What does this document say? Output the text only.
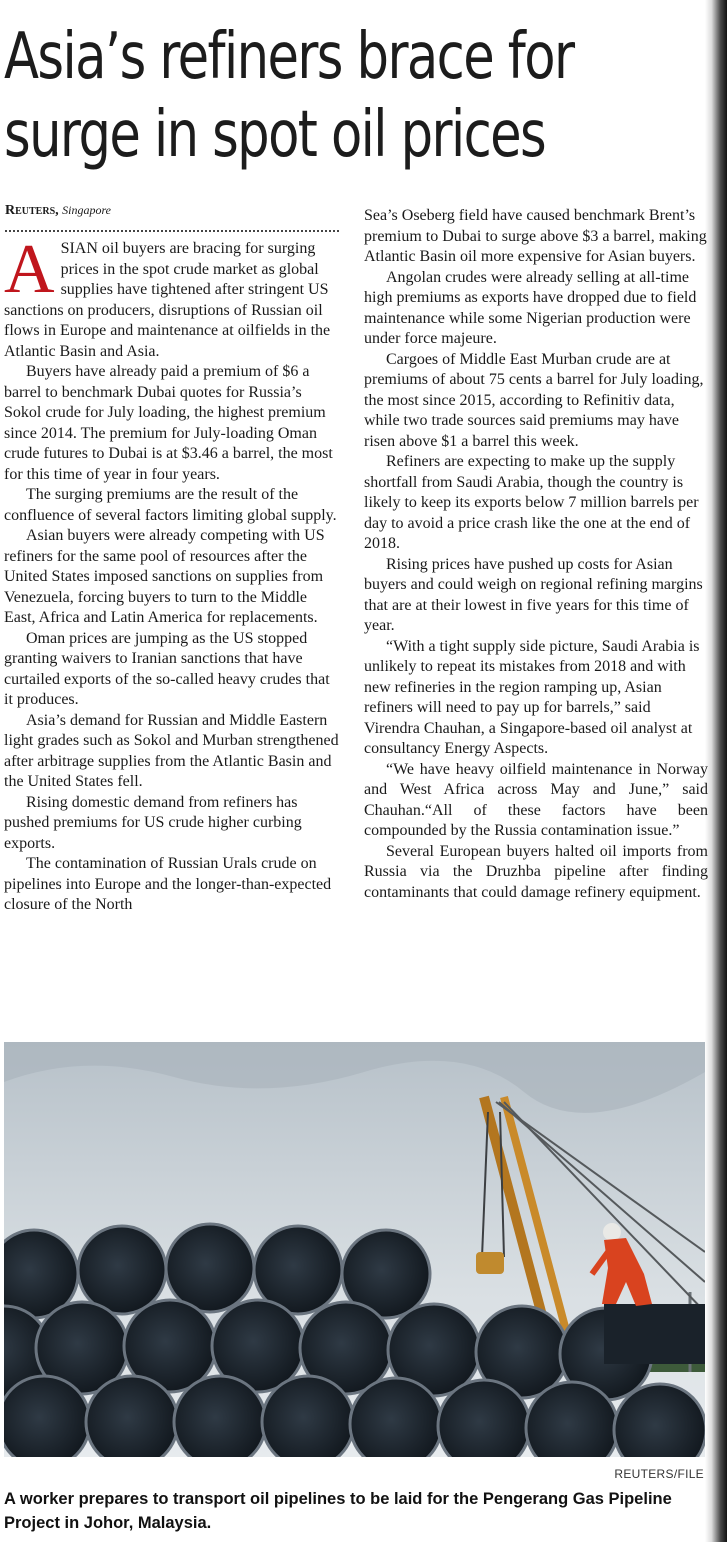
Asia’s refiners brace for
surge in spot oil prices
Reuters, Singapore

ASIAN oil buyers are bracing for surging prices in the spot crude market as global supplies have tightened after stringent US sanctions on producers, disruptions of Russian oil flows in Europe and maintenance at oilfields in the Atlantic Basin and Asia.

Buyers have already paid a premium of $6 a barrel to benchmark Dubai quotes for Russia’s Sokol crude for July loading, the highest premium since 2014. The premium for July-loading Oman crude futures to Dubai is at $3.46 a barrel, the most for this time of year in four years.

The surging premiums are the result of the confluence of several factors limiting global supply.

Asian buyers were already competing with US refiners for the same pool of resources after the United States imposed sanctions on supplies from Venezuela, forcing buyers to turn to the Middle East, Africa and Latin America for replacements.

Oman prices are jumping as the US stopped granting waivers to Iranian sanctions that have curtailed exports of the so-called heavy crudes that it produces.

Asia’s demand for Russian and Middle Eastern light grades such as Sokol and Murban strengthened after arbitrage supplies from the Atlantic Basin and the United States fell.

Rising domestic demand from refiners has pushed premiums for US crude higher curbing exports.

The contamination of Russian Urals crude on pipelines into Europe and the longer-than-expected closure of the North

Sea’s Oseberg field have caused benchmark Brent’s premium to Dubai to surge above $3 a barrel, making Atlantic Basin oil more expensive for Asian buyers.

Angolan crudes were already selling at all-time high premiums as exports have dropped due to field maintenance while some Nigerian production were under force majeure.

Cargoes of Middle East Murban crude are at premiums of about 75 cents a barrel for July loading, the most since 2015, according to Refinitiv data, while two trade sources said premiums may have risen above $1 a barrel this week.

Refiners are expecting to make up the supply shortfall from Saudi Arabia, though the country is likely to keep its exports below 7 million barrels per day to avoid a price crash like the one at the end of 2018.

Rising prices have pushed up costs for Asian buyers and could weigh on regional refining margins that are at their lowest in five years for this time of year.

“With a tight supply side picture, Saudi Arabia is unlikely to repeat its mistakes from 2018 and with new refineries in the region ramping up, Asian refiners will need to pay up for barrels,” said Virendra Chauhan, a Singapore-based oil analyst at consultancy Energy Aspects.

“We have heavy oilfield maintenance in Norway and West Africa across May and June,” said Chauhan.“All of these factors have been compounded by the Russia contamination issue.”

Several European buyers halted oil imports from Russia via the Druzhba pipeline after finding contaminants that could damage refinery equipment.

REUTERS/FILE
A worker prepares to transport oil pipelines to be laid for the Pengerang Gas Pipeline Project in Johor, Malaysia.
